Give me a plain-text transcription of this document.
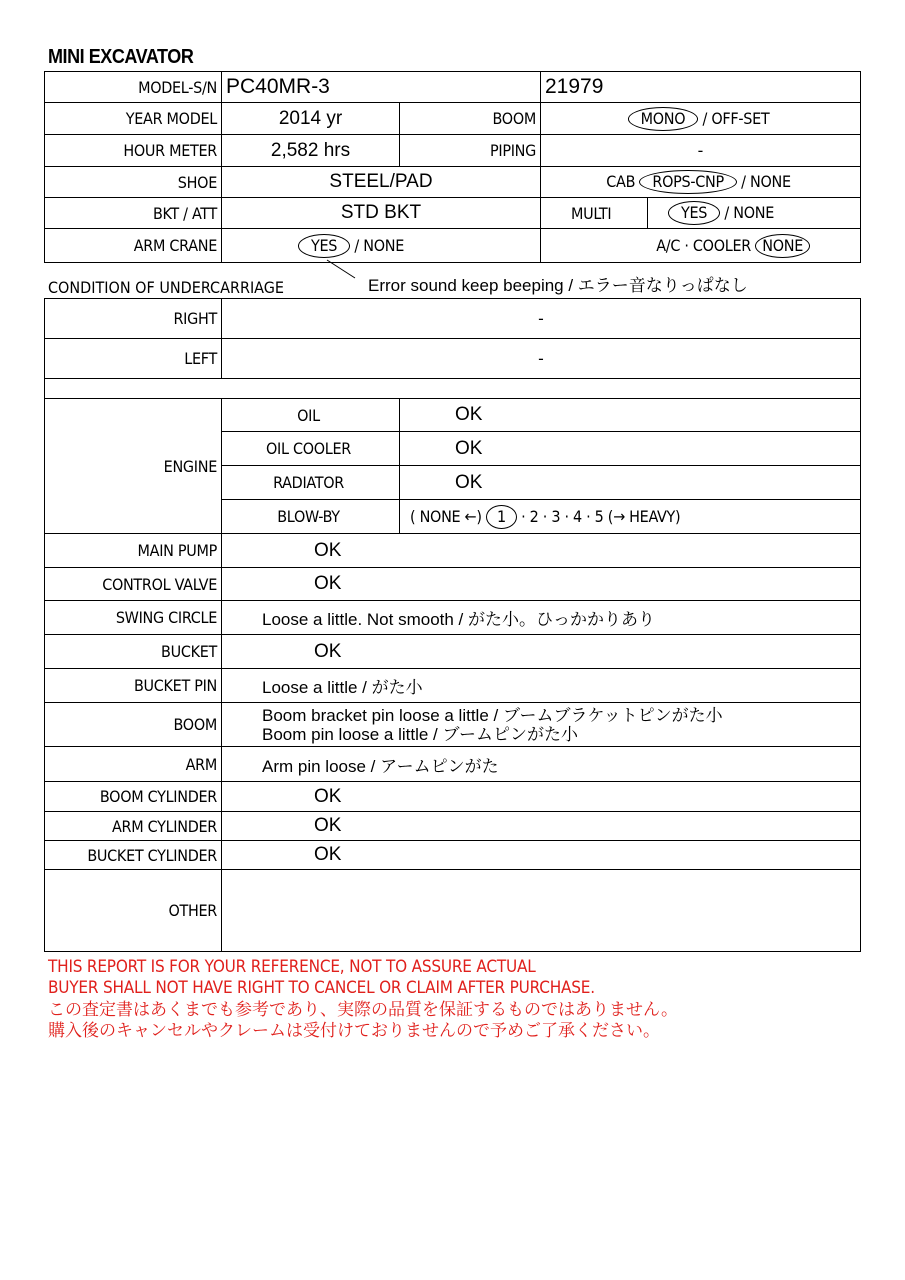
MINI EXCAVATOR
MODEL-S/N	PC40MR-3		21979	
YEAR MODEL	2014 yr	BOOM	MONO / OFF-SET	
HOUR METER	2,582 hrs	PIPING	-	
SHOE	STEEL/PAD		CAB ROPS-CNP / NONE	
BKT / ATT	STD BKT		MULTI	YES / NONE
ARM CRANE	YES / NONE		A/C · COOLER NONE	
Error sound keep beeping / エラー音なりっぱなし
CONDITION OF UNDERCARRIAGE
RIGHT	-
LEFT	-

ENGINE	OIL	OK
	OIL COOLER	OK
	RADIATOR	OK
	BLOW-BY	( NONE ←) 1 · 2 · 3 · 4 · 5 (→ HEAVY)
MAIN PUMP	OK	
CONTROL VALVE	OK	
SWING CIRCLE	Loose a little. Not smooth / がた小。ひっかかりあり	
BUCKET	OK	
BUCKET PIN	Loose a little / がた小	
BOOM	Boom bracket pin loose a little / ブームブラケットピンがた小
Boom pin loose a little / ブームピンがた小	

ARM	Arm pin loose / アームピンがた	
BOOM CYLINDER	OK	
ARM CYLINDER	OK	
BUCKET CYLINDER	OK	
OTHER		
THIS REPORT IS FOR YOUR REFERENCE, NOT TO ASSURE ACTUAL
BUYER SHALL NOT HAVE RIGHT TO CANCEL OR CLAIM AFTER PURCHASE.
この査定書はあくまでも参考であり、実際の品質を保証するものではありません。
購入後のキャンセルやクレームは受付けておりませんので予めご了承ください。
